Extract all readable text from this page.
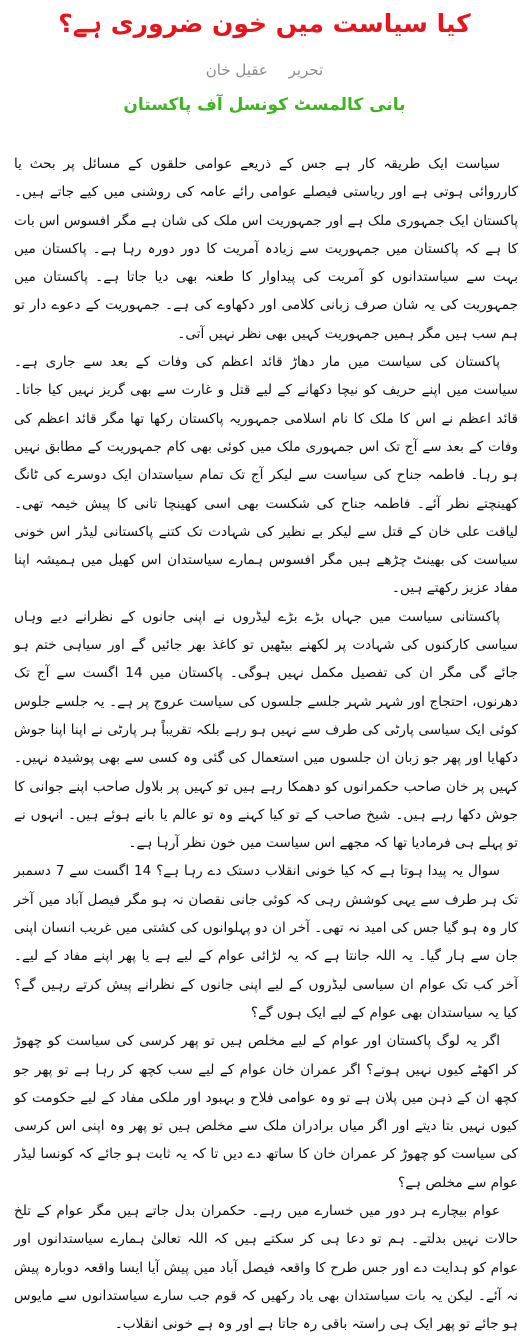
کیا سیاست میں خون ضروری ہے؟
تحریر عقیل خان
بانی کالمسٹ کونسل آف پاکستان

سیاست ایک طریقہ کار ہے جس کے ذریعے عوامی حلقوں کے مسائل پر بحث یا کارروائی ہوتی ہے اور ریاستی فیصلے عوامی رائے عامہ کی روشنی میں کیے جاتے ہیں۔ پاکستان ایک جمہوری ملک ہے اور جمہوریت اس ملک کی شان ہے مگر افسوس اس بات کا ہے کہ پاکستان میں جمہوریت سے زیادہ آمریت کا دور دورہ رہا ہے۔ پاکستان میں بہت سے سیاستدانوں کو آمریت کی پیداوار کا طعنہ بھی دیا جاتا ہے۔ پاکستان میں جمہوریت کی یہ شان صرف زبانی کلامی اور دکھاوے کی ہے۔ جمہوریت کے دعوے دار تو ہم سب ہیں مگر ہمیں جمہوریت کہیں بھی نظر نہیں آتی۔

پاکستان کی سیاست میں مار دھاڑ قائد اعظم کی وفات کے بعد سے جاری ہے۔ سیاست میں اپنے حریف کو نیچا دکھانے کے لیے قتل و غارت سے بھی گریز نہیں کیا جاتا۔ قائد اعظم نے اس کا ملک کا نام اسلامی جمہوریہ پاکستان رکھا تھا مگر قائد اعظم کی وفات کے بعد سے آج تک اس جمہوری ملک میں کوئی بھی کام جمہوریت کے مطابق نہیں ہو رہا۔ فاطمہ جناح کی سیاست سے لیکر آج تک تمام سیاستدان ایک دوسرے کی ٹانگ کھینچتے نظر آئے۔ فاطمہ جناح کی شکست بھی اسی کھینچا تانی کا پیش خیمہ تھی۔ لیاقت علی خان کے قتل سے لیکر بے نظیر کی شہادت تک کتنے پاکستانی لیڈر اس خونی سیاست کی بھینٹ چڑھے ہیں مگر افسوس ہمارے سیاستدان اس کھیل میں ہمیشہ اپنا مفاد عزیز رکھتے ہیں۔

پاکستانی سیاست میں جہاں بڑے بڑے لیڈروں نے اپنی جانوں کے نظرانے دیے وہاں سیاسی کارکنوں کی شہادت پر لکھنے بیٹھیں تو کاغذ بھر جائیں گے اور سیاہی ختم ہو جائے گی مگر ان کی تفصیل مکمل نہیں ہوگی۔ پاکستان میں 14 اگست سے آج تک دھرنوں، احتجاج اور شہر شہر جلسے جلسوں کی سیاست عروج پر ہے۔ یہ جلسے جلوس کوئی ایک سیاسی پارٹی کی طرف سے نہیں ہو رہے بلکہ تقریباً ہر پارٹی نے اپنا اپنا جوش دکھایا اور پھر جو زبان ان جلسوں میں استعمال کی گئی وہ کسی سے بھی پوشیدہ نہیں۔ کہیں پر خان صاحب حکمرانوں کو دھمکا رہے ہیں تو کہیں پر بلاول صاحب اپنے جوانی کا جوش دکھا رہے ہیں۔ شیخ صاحب کے تو کیا کہنے وہ تو عالم یا بانے ہوئے ہیں۔ انہوں نے تو پہلے ہی فرمادیا تھا کہ مجھے اس سیاست میں خون نظر آرہا ہے۔

سوال یہ پیدا ہوتا ہے کہ کیا خونی انقلاب دستک دے رہا ہے؟ 14 اگست سے 7 دسمبر تک ہر طرف سے یہی کوشش رہی کہ کوئی جانی نقصان نہ ہو مگر فیصل آباد میں آخر کار وہ ہو گیا جس کی امید نہ تھی۔ آخر ان دو پہلوانوں کی کشتی میں غریب انسان اپنی جان سے ہار گیا۔ یہ اللہ جانتا ہے کہ یہ لڑائی عوام کے لیے ہے یا پھر اپنے مفاد کے لیے۔ آخر کب تک عوام ان سیاسی لیڈروں کے لیے اپنی جانوں کے نظرانے پیش کرتے رہیں گے؟ کیا یہ سیاستدان بھی عوام کے لیے ایک ہوں گے؟

اگر یہ لوگ پاکستان اور عوام کے لیے مخلص ہیں تو پھر کرسی کی سیاست کو چھوڑ کر اکھٹے کیوں نہیں ہوتے؟ اگر عمران خان عوام کے لیے سب کچھ کر رہا ہے تو پھر جو کچھ ان کے ذہن میں پلان ہے تو وہ عوامی فلاح و بہبود اور ملکی مفاد کے لیے حکومت کو کیوں نہیں بتا دیتے اور اگر میاں برادران ملک سے مخلص ہیں تو پھر وہ اپنی اس کرسی کی سیاست کو چھوڑ کر عمران خان کا ساتھ دے دیں تا کہ یہ ثابت ہو جائے کہ کونسا لیڈر عوام سے مخلص ہے؟

عوام بیچارے ہر دور میں خسارے میں رہے۔ حکمران بدل جاتے ہیں مگر عوام کے تلخ حالات نہیں بدلتے۔ ہم تو دعا ہی کر سکتے ہیں کہ اللہ تعالیٰ ہمارے سیاستدانوں اور عوام کو ہدایت دے اور جس طرح کا واقعہ فیصل آباد میں پیش آیا ایسا واقعہ دوبارہ پیش نہ آئے۔ لیکن یہ بات سیاستدان بھی یاد رکھیں کہ قوم جب سارے سیاستدانوں سے مایوس ہو جائے تو پھر ایک ہی راستہ باقی رہ جاتا ہے اور وہ ہے خونی انقلاب۔
